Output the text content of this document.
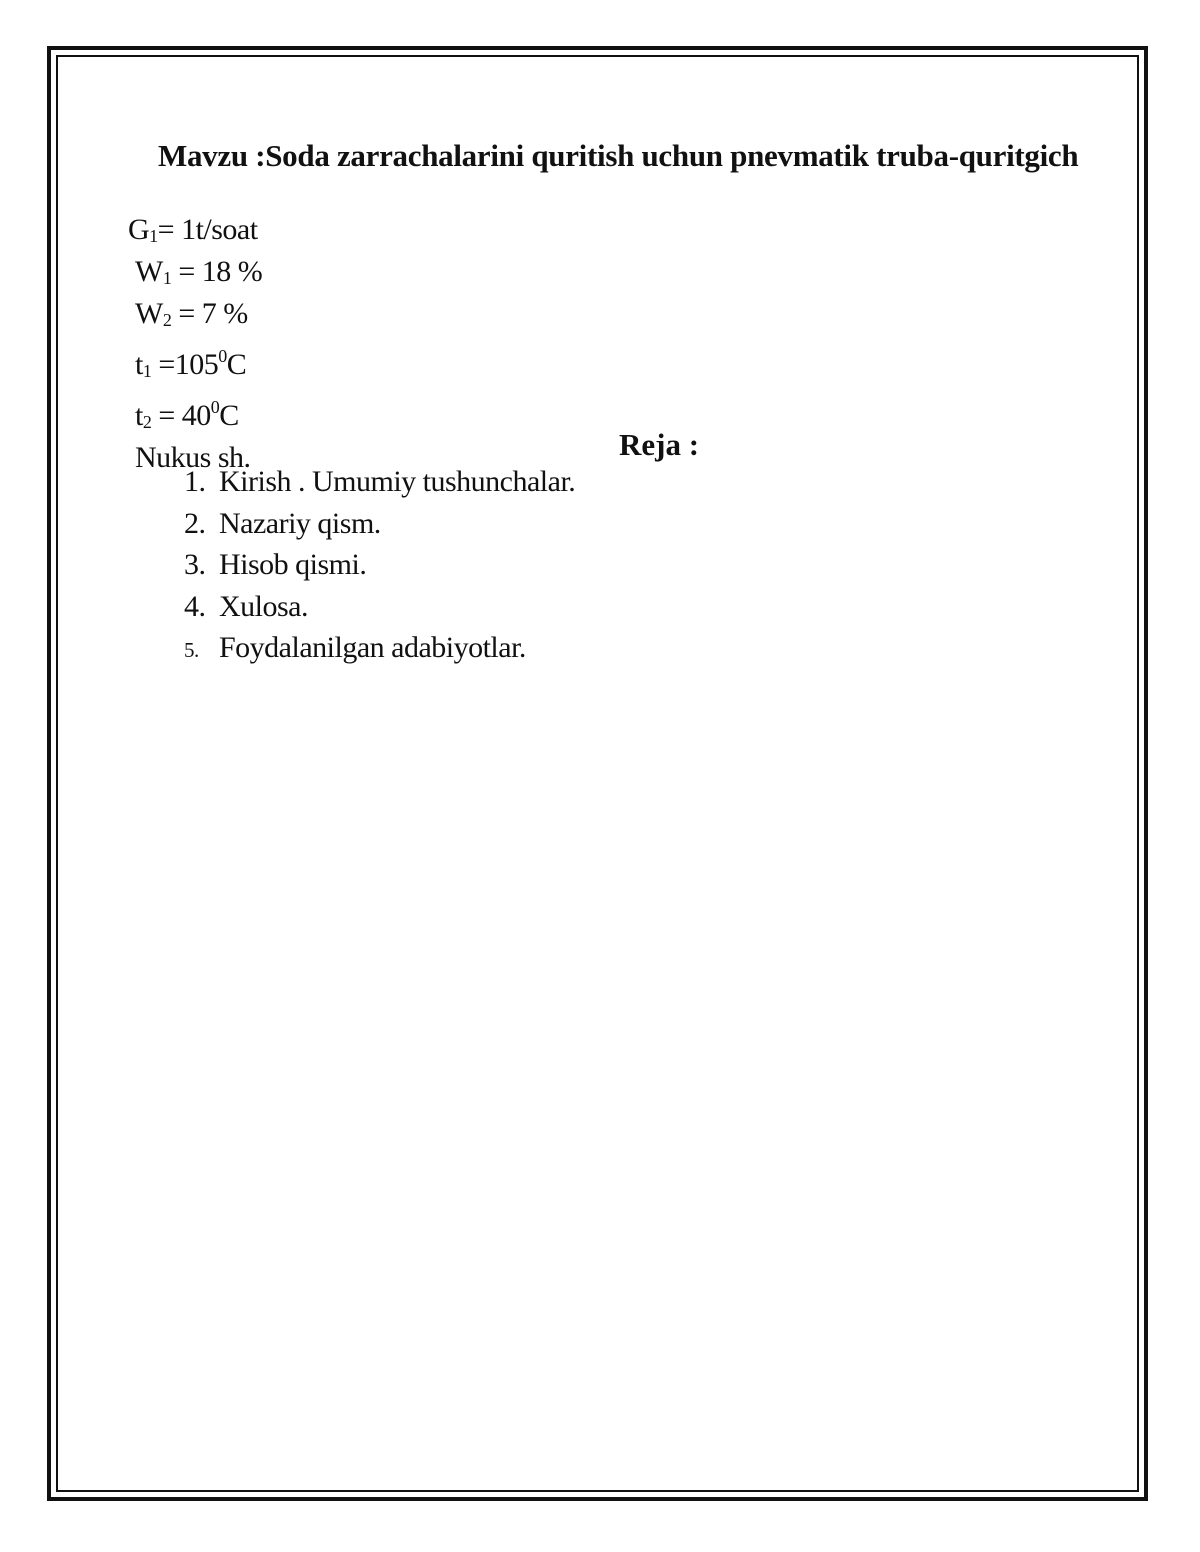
Mavzu :Soda zarrachalarini quritish uchun pnevmatik truba-quritgich
G1= 1t/soat
W1 = 18 %
W2 = 7 %
$t1 =105^0C$
$t2 = 40^0C$
Nukus sh.	Reja :
1. Kirish . Umumiy tushunchalar.
2. Nazariy qism.
3. Hisob qismi.
4. Xulosa.
5. Foydalanilgan adabiyotlar.
